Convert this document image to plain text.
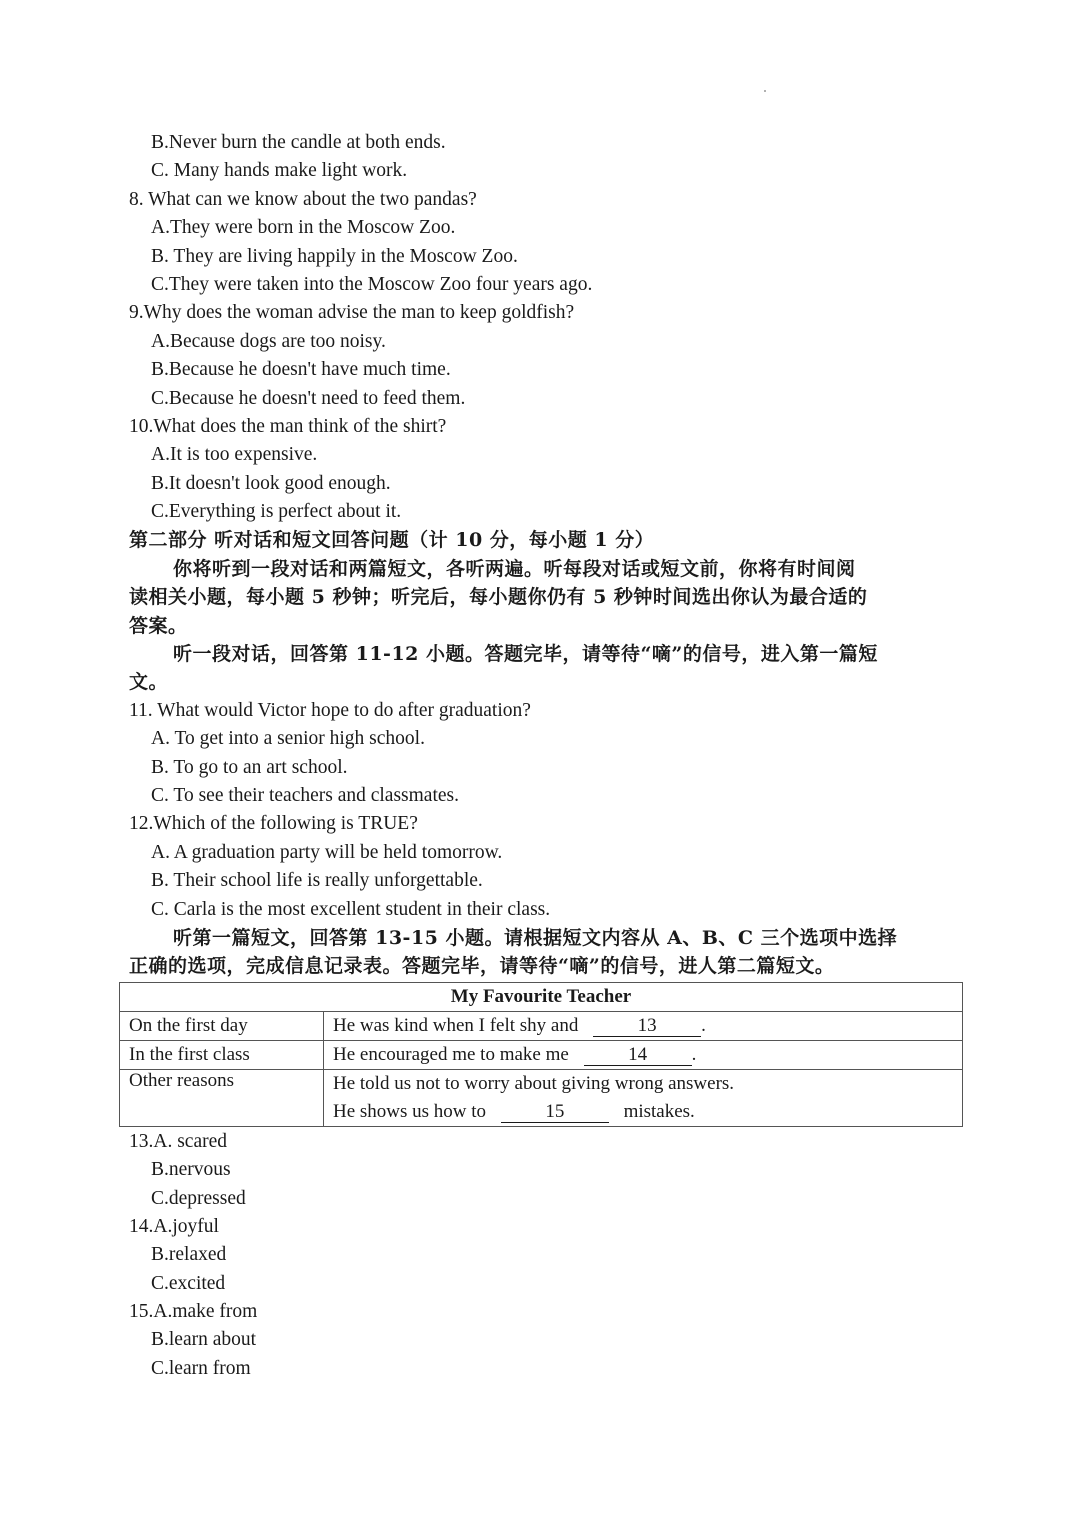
B.Never burn the candle at both ends.
C. Many hands make light work.
8. What can we know about the two pandas?
A.They were born in the Moscow Zoo.
B. They are living happily in the Moscow Zoo.
C.They were taken into the Moscow Zoo four years ago.
9.Why does the woman advise the man to keep goldfish?
A.Because dogs are too noisy.
B.Because he doesn't have much time.
C.Because he doesn't need to feed them.
10.What does the man think of the shirt?
A.It is too expensive.
B.It doesn't look good enough.
C.Everything is perfect about it.
第二部分 听对话和短文回答问题（计 10 分，每小题 1 分）
你将听到一段对话和两篇短文，各听两遍。听每段对话或短文前，你将有时间阅
读相关小题，每小题 5 秒钟；听完后，每小题你仍有 5 秒钟时间选出你认为最合适的
答案。
听一段对话，回答第 11-12 小题。答题完毕，请等待“嘀”的信号，进入第一篇短
文。
11. What would Victor hope to do after graduation?
A. To get into a senior high school.
B. To go to an art school.
C. To see their teachers and classmates.
12.Which of the following is TRUE?
A. A graduation party will be held tomorrow.
B. Their school life is really unforgettable.
C. Carla is the most excellent student in their class.
听第一篇短文，回答第 13-15 小题。请根据短文内容从 A、B、C 三个选项中选择
正确的选项，完成信息记录表。答题完毕，请等待“嘀”的信号，进人第二篇短文。
My Favourite Teacher	
On the first day	He was kind when I felt shy and 13 .
In the first class	He encouraged me to make me 14 .
Other reasons	He told us not to worry about giving wrong answers.
He shows us how to 15 mistakes.
13.A. scared
B.nervous
C.depressed
14.A.joyful
B.relaxed
C.excited
15.A.make from
B.learn about
C.learn from
